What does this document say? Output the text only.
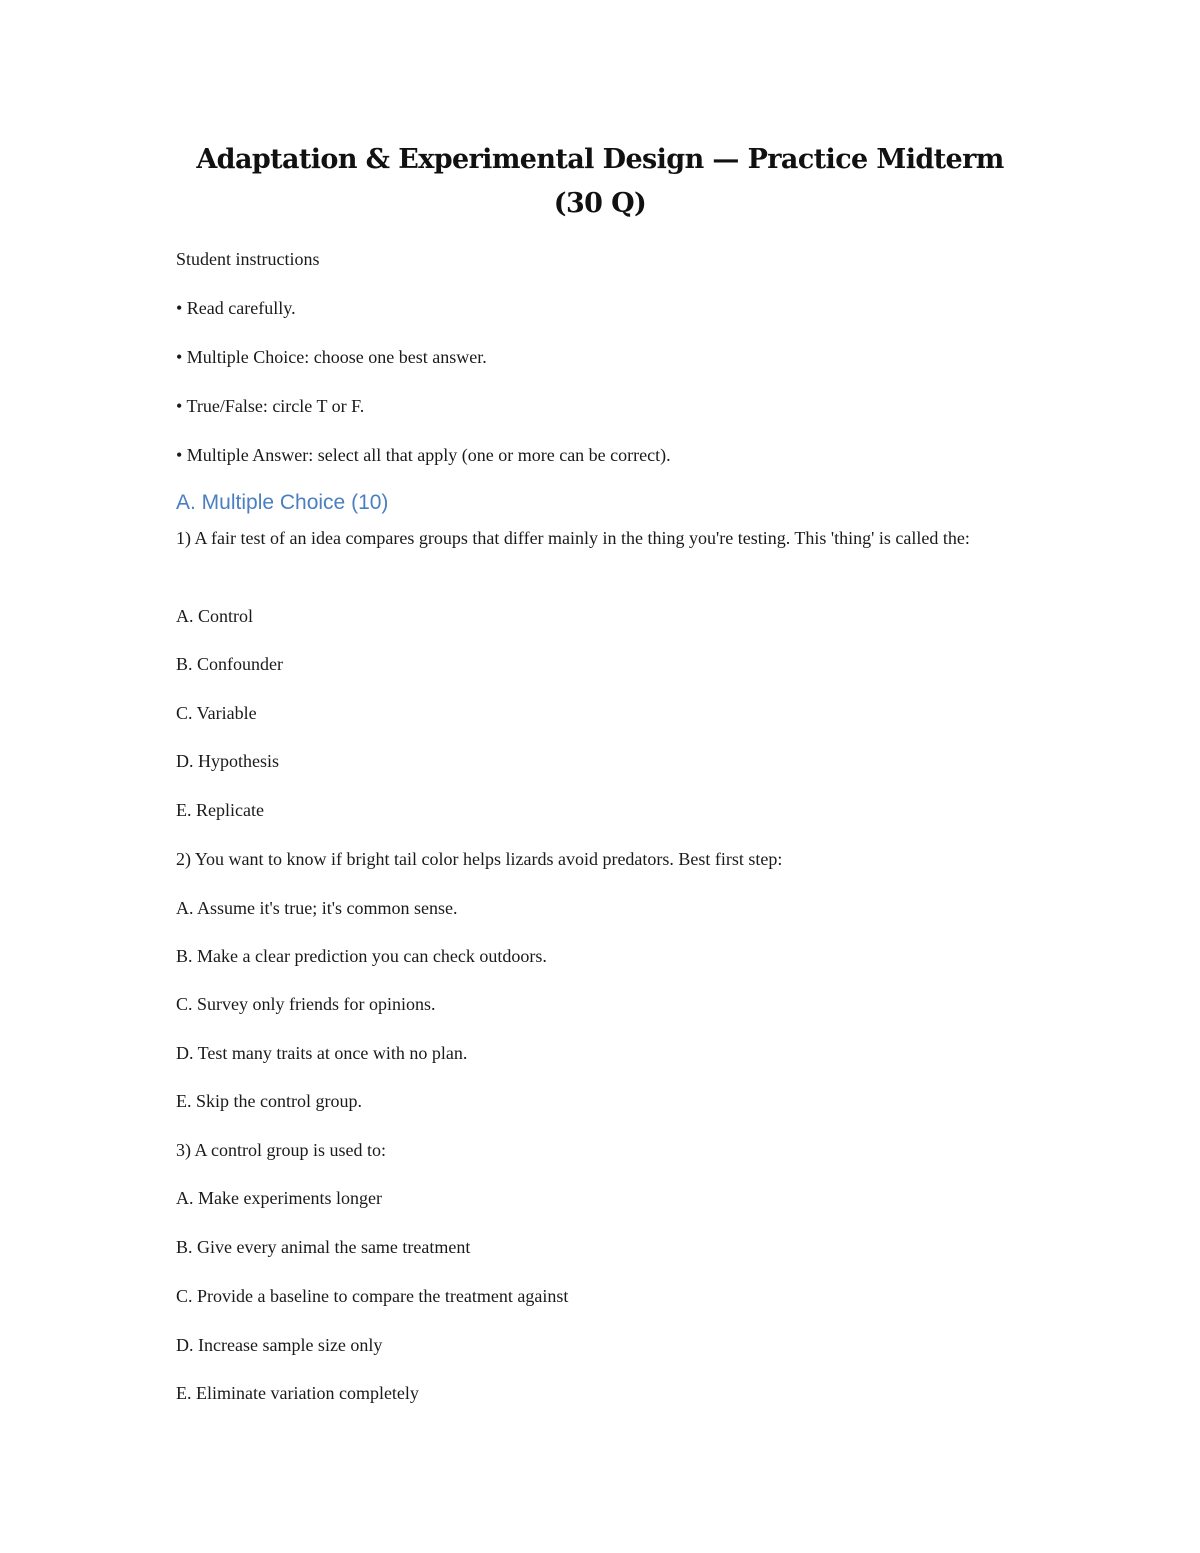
Adaptation & Experimental Design — Practice Midterm
(30 Q)
Student instructions
• Read carefully.
• Multiple Choice: choose one best answer.
• True/False: circle T or F.
• Multiple Answer: select all that apply (one or more can be correct).
A. Multiple Choice (10)
1) A fair test of an idea compares groups that differ mainly in the thing you're testing. This 'thing' is called the:
A. Control
B. Confounder
C. Variable
D. Hypothesis
E. Replicate
2) You want to know if bright tail color helps lizards avoid predators. Best first step:
A. Assume it's true; it's common sense.
B. Make a clear prediction you can check outdoors.
C. Survey only friends for opinions.
D. Test many traits at once with no plan.
E. Skip the control group.
3) A control group is used to:
A. Make experiments longer
B. Give every animal the same treatment
C. Provide a baseline to compare the treatment against
D. Increase sample size only
E. Eliminate variation completely
